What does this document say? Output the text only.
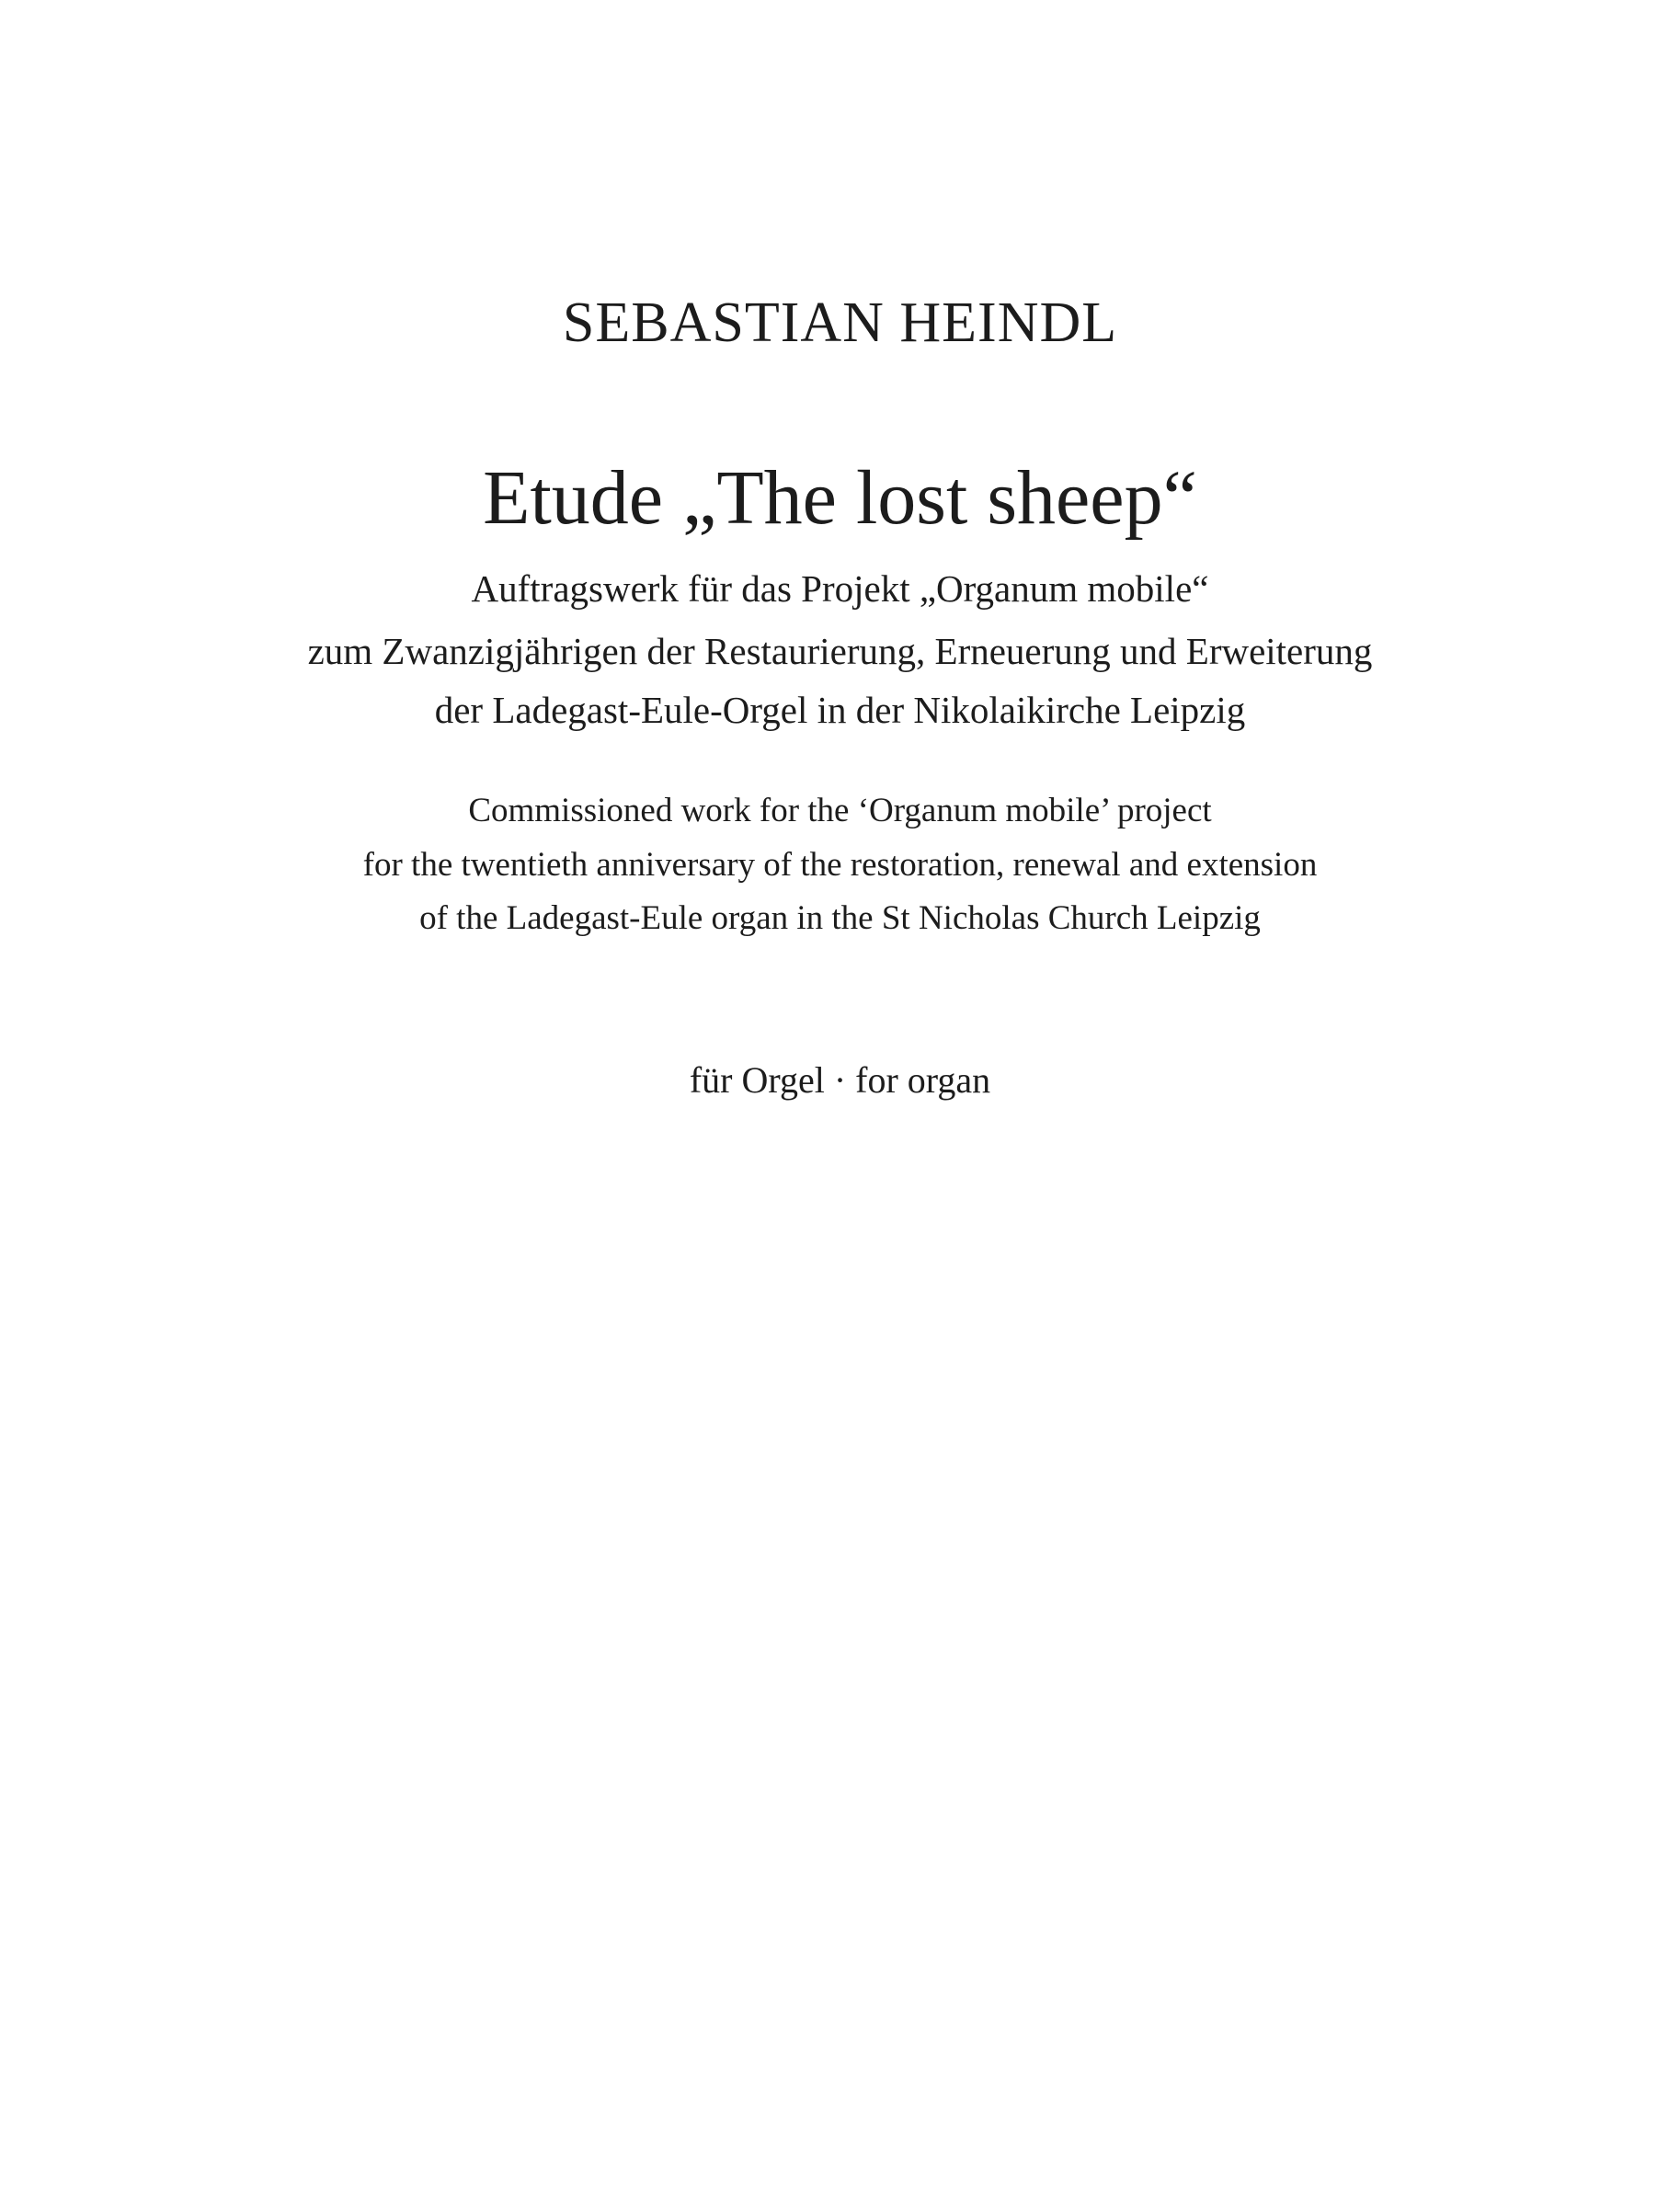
SEBASTIAN HEINDL
Etude „The lost sheep“
Auftragswerk für das Projekt „Organum mobile“
zum Zwanzigjährigen der Restaurierung, Erneuerung und Erweiterung
der Ladegast-Eule-Orgel in der Nikolaikirche Leipzig
Commissioned work for the ‘Organum mobile’ project
for the twentieth anniversary of the restoration, renewal and extension
of the Ladegast-Eule organ in the St Nicholas Church Leipzig
für Orgel · for organ
